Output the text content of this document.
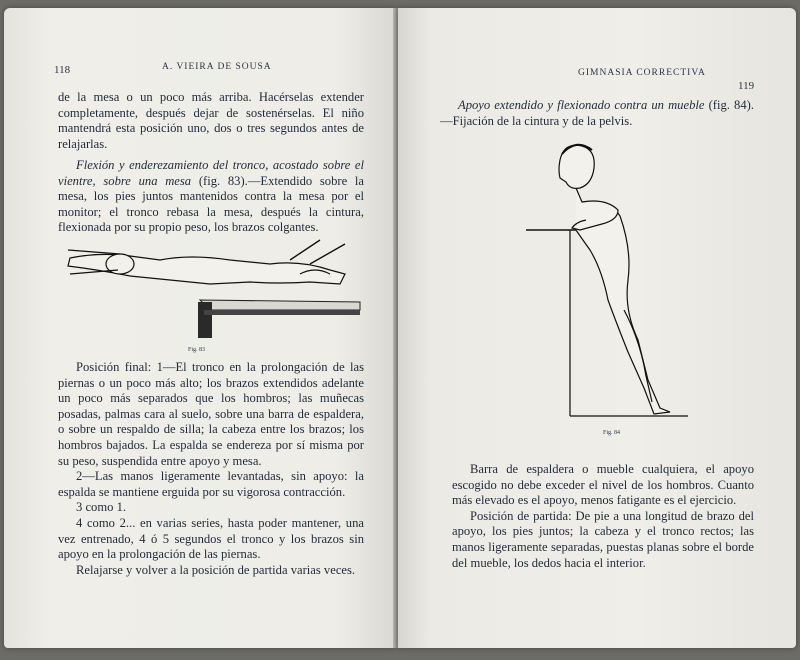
118	A. VIEIRA DE SOUSA

de la mesa o un poco más arriba. Hacérselas extender completamente, después dejar de sostenérselas. El niño mantendrá esta posición uno, dos o tres segundos antes de relajarlas.

Flexión y enderezamiento del tronco, acostado sobre el vientre, sobre una mesa (fig. 83).—Extendido sobre la mesa, los pies juntos mantenidos contra la mesa por el monitor; el tronco rebasa la mesa, después la cintura, flexionada por su propio peso, los brazos colgantes.

Fig. 83

Posición final: 1—El tronco en la prolongación de las piernas o un poco más alto; los brazos extendidos adelante un poco más separados que los hombros; las muñecas posadas, palmas cara al suelo, sobre una barra de espaldera, o sobre un respaldo de silla; la cabeza entre los brazos; los hombros bajados. La espalda se endereza por sí misma por su peso, suspendida entre apoyo y mesa.

2—Las manos ligeramente levantadas, sin apoyo: la espalda se mantiene erguida por su vigorosa contracción.

3 como 1.

4 como 2... en varias series, hasta poder mantener, una vez entrenado, 4 ó 5 segundos el tronco y los brazos sin apoyo en la prolongación de las piernas.

Relajarse y volver a la posición de partida varias veces.

GIMNASIA CORRECTIVA
119

Apoyo extendido y flexionado contra un mueble (fig. 84).—Fijación de la cintura y de la pelvis.

Fig. 84

Barra de espaldera o mueble cualquiera, el apoyo escogido no debe exceder el nivel de los hombros. Cuanto más elevado es el apoyo, menos fatigante es el ejercicio.

Posición de partida: De pie a una longitud de brazo del apoyo, los pies juntos; la cabeza y el tronco rectos; las manos ligeramente separadas, puestas planas sobre el borde del mueble, los dedos hacia el interior.
